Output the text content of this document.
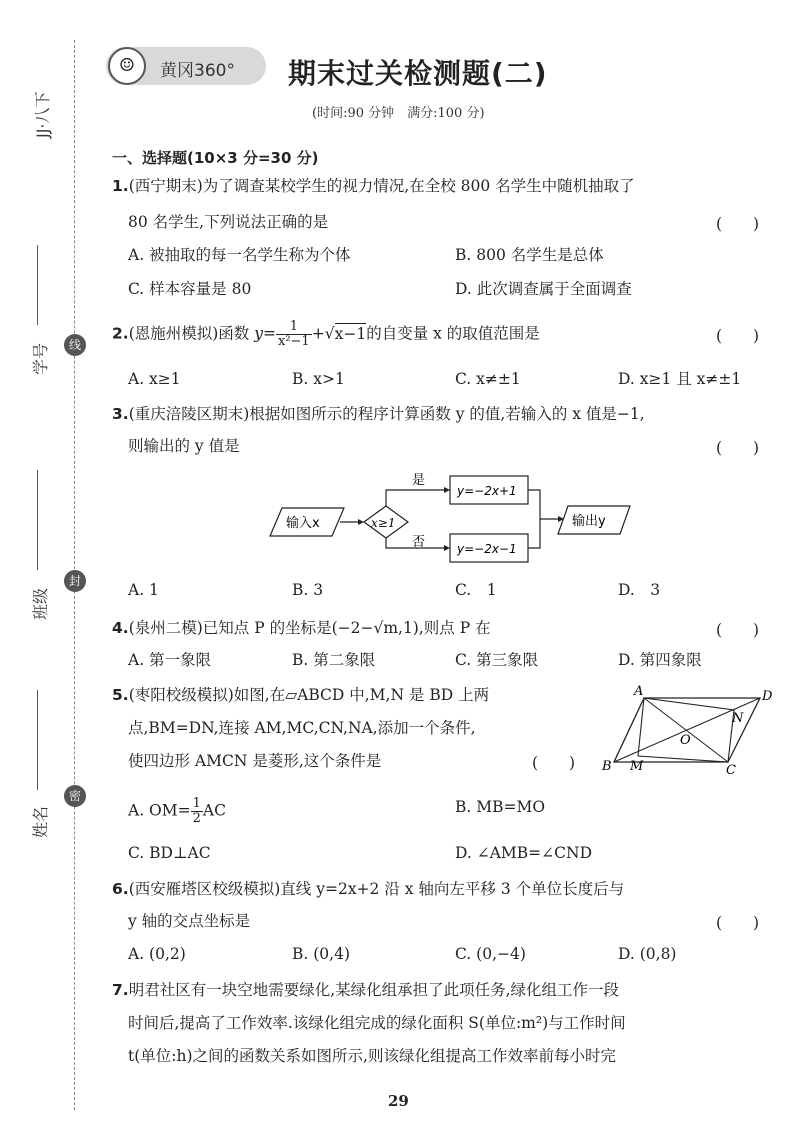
JJ·八下
学号
班级
姓名
线
封
密
☺	黄冈360° 期末过关检测题(二)
(时间:90 分钟　满分:100 分)
一、选择题(10×3 分=30 分)
1.(西宁期末)为了调查某校学生的视力情况,在全校 800 名学生中随机抽取了
80 名学生,下列说法正确的是	(　　)
A. 被抽取的每一名学生称为个体	B. 800 名学生是总体
C. 样本容量是 80	D. 此次调查属于全面调查
2.(恩施州模拟)函数 $y= \frac{1}{\text{x²−1}} +√x-1$的自变量 x 的取值范围是	(　　)
A. x≥1	B. x>1	C. x≠±1	D. x≥1 且 x≠±1
3.(重庆涪陵区期末)根据如图所示的程序计算函数 y 的值,若输入的 x 值是−1,
则输出的 y 值是	(　　)
输入x	x≥1
是
否
y=−2x+1
y=−2x−1
输出y
A. 1	B. 3	C.　1	D.　3
4.(泉州二模)已知点 P 的坐标是(−2−√m,1),则点 P 在	(　　)
A. 第一象限	B. 第二象限	C. 第三象限	D. 第四象限
5.(枣阳校级模拟)如图,在▱ABCD 中,M,N 是 BD 上两
点,BM=DN,连接 AM,MC,CN,NA,添加一个条件,
使四边形 AMCN 是菱形,这个条件是	(　　)
A	D
B	C
M
N
O
A. $OM= \frac{1}{2}$ AC	B. MB=MO
C. BD⊥AC	D. ∠AMB=∠CND
6.(西安雁塔区校级模拟)直线 y=2x+2 沿 x 轴向左平移 3 个单位长度后与
y 轴的交点坐标是	(　　)
A. (0,2)	B. (0,4)	C. (0,−4)	D. (0,8)
7.明君社区有一块空地需要绿化,某绿化组承担了此项任务,绿化组工作一段
时间后,提高了工作效率.该绿化组完成的绿化面积 S(单位:m²)与工作时间
t(单位:h)之间的函数关系如图所示,则该绿化组提高工作效率前每小时完
29
